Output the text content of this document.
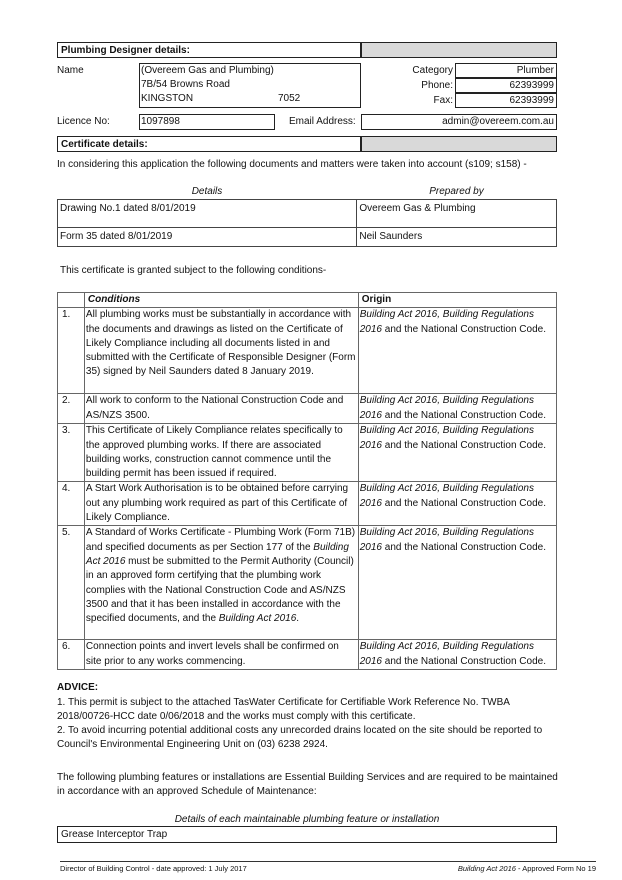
Plumbing Designer details:
Name	(Overeem Gas and Plumbing)
7B/54 Browns Road
KINGSTON	7052
Category	Plumber
Phone:	62393999
Fax:	62393999
Licence No:	1097898	Email Address:	admin@overeem.com.au
Certificate details:
In considering this application the following documents and matters were taken into account (s109; s158) -
Details	Prepared by
Drawing No.1 dated 8/01/2019	Overeem Gas & Plumbing
Form 35 dated 8/01/2019	Neil Saunders
This certificate is granted subject to the following conditions-
	Conditions	Origin
1.	All plumbing works must be substantially in accordance with the documents and drawings as listed on the Certificate of Likely Compliance including all documents listed in and submitted with the Certificate of Responsible Designer (Form 35) signed by Neil Saunders dated 8 January 2019.	Building Act 2016, Building Regulations 2016 and the National Construction Code.
2.	All work to conform to the National Construction Code and AS/NZS 3500.	Building Act 2016, Building Regulations 2016 and the National Construction Code.
3.	This Certificate of Likely Compliance relates specifically to the approved plumbing works. If there are associated building works, construction cannot commence until the building permit has been issued if required.	Building Act 2016, Building Regulations 2016 and the National Construction Code.
4.	A Start Work Authorisation is to be obtained before carrying out any plumbing work required as part of this Certificate of Likely Compliance.	Building Act 2016, Building Regulations 2016 and the National Construction Code.
5.	A Standard of Works Certificate - Plumbing Work (Form 71B) and specified documents as per Section 177 of the Building Act 2016 must be submitted to the Permit Authority (Council) in an approved form certifying that the plumbing work complies with the National Construction Code and AS/NZS 3500 and that it has been installed in accordance with the specified documents, and the Building Act 2016.	Building Act 2016, Building Regulations 2016 and the National Construction Code.
6.	Connection points and invert levels shall be confirmed on site prior to any works commencing.	Building Act 2016, Building Regulations 2016 and the National Construction Code.
ADVICE:
1. This permit is subject to the attached TasWater Certificate for Certifiable Work Reference No. TWBA 2018/00726-HCC date 0/06/2018 and the works must comply with this certificate.
2. To avoid incurring potential additional costs any unrecorded drains located on the site should be reported to Council's Environmental Engineering Unit on (03) 6238 2924.
The following plumbing features or installations are Essential Building Services and are required to be maintained in accordance with an approved Schedule of Maintenance:
Details of each maintainable plumbing feature or installation
Grease Interceptor Trap
Director of Building Control - date approved: 1 July 2017	Building Act 2016 - Approved Form No 19
